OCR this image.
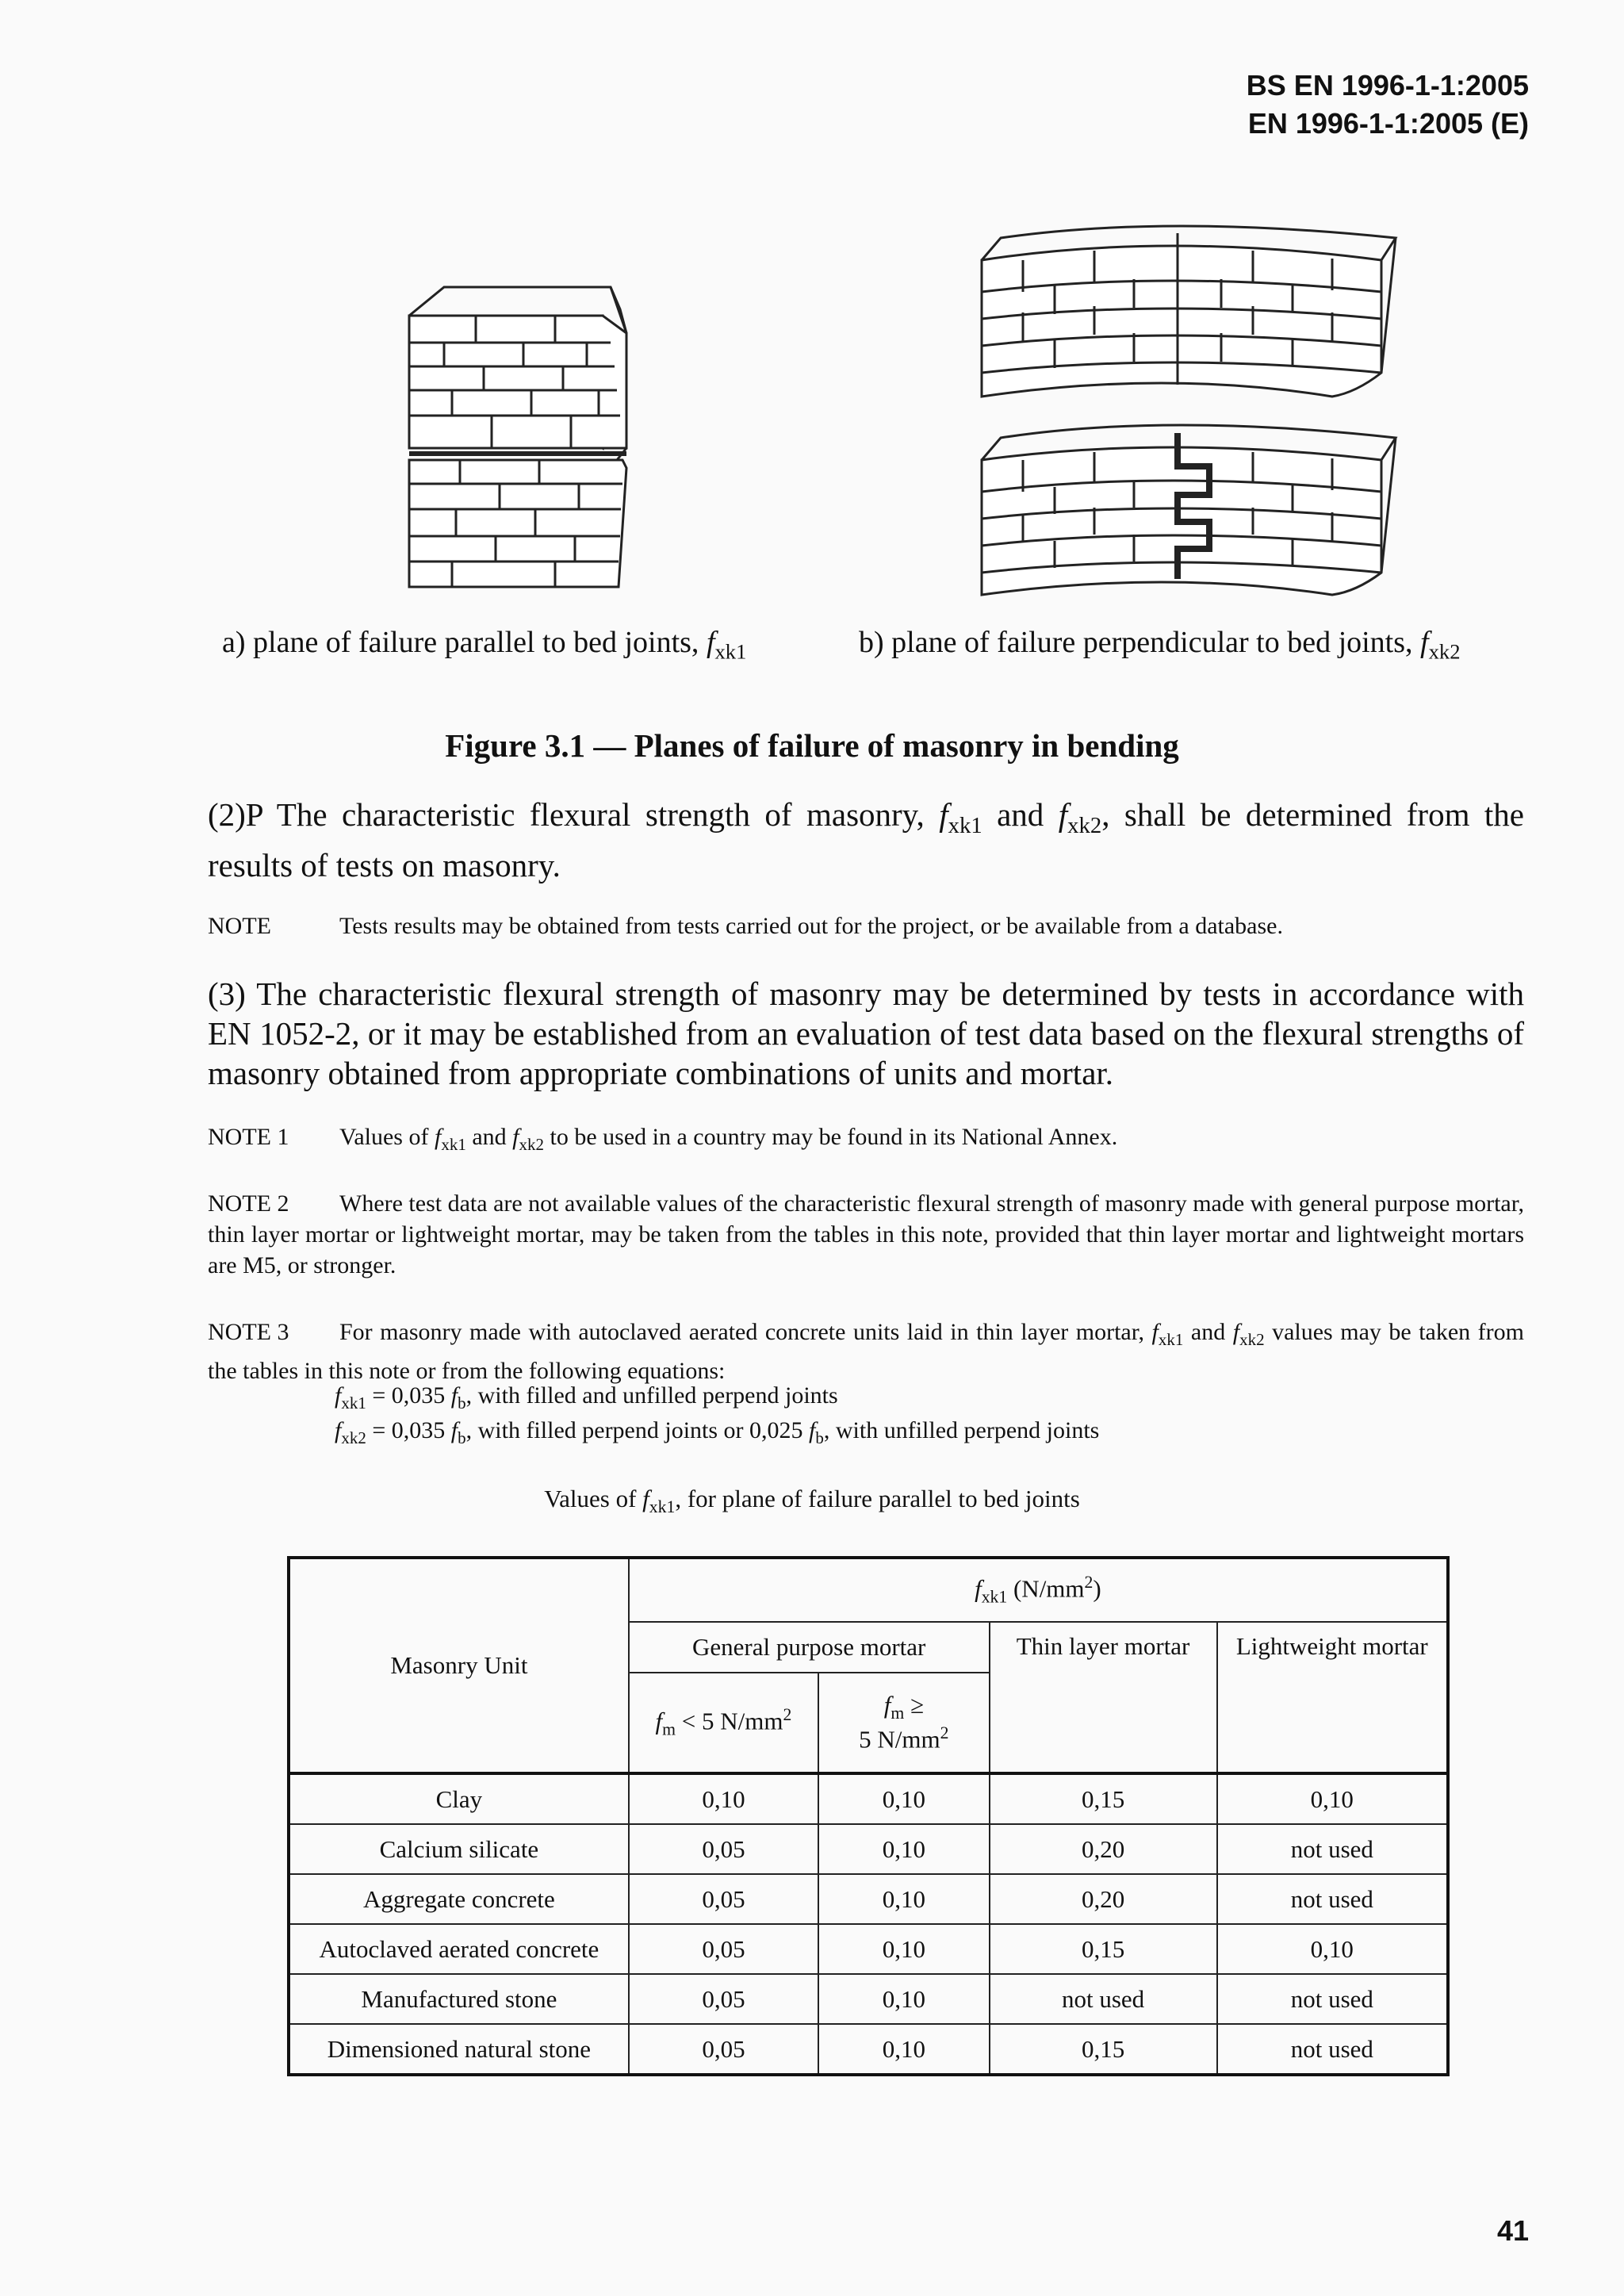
BS EN 1996-1-1:2005
EN 1996-1-1:2005 (E)
a) plane of failure parallel to bed joints, $f_{xk1}$	b) plane of failure perpendicular to bed joints, $f_{xk2}$
Figure 3.1 — Planes of failure of masonry in bending
(2)P The characteristic flexural strength of masonry, $f_{xk1}$ and $f_{xk2}$, shall be determined from the results of tests on masonry.
NOTE	Tests results may be obtained from tests carried out for the project, or be available from a database.
(3) The characteristic flexural strength of masonry may be determined by tests in accordance with EN 1052-2, or it may be established from an evaluation of test data based on the flexural strengths of masonry obtained from appropriate combinations of units and mortar.
NOTE 1 Values of $f_{xk1}$ and $f_{xk2}$ to be used in a country may be found in its National Annex.
NOTE 2 Where test data are not available values of the characteristic flexural strength of masonry made with general purpose mortar, thin layer mortar or lightweight mortar, may be taken from the tables in this note, provided that thin layer mortar and lightweight mortars are M5, or stronger.
NOTE 3 For masonry made with autoclaved aerated concrete units laid in thin layer mortar, $f_{xk1}$ and $f_{xk2}$ values may be taken from the tables in this note or from the following equations:
$f_{xk1} = 0,035$ $f_b$, with filled and unfilled perpend joints
$f_{xk2} = 0,035$ $f_b$, with filled perpend joints or 0,025 $f_b$, with unfilled perpend joints
Values of $f_{xk1}$, for plane of failure parallel to bed joints
Masonry Unit	$f_{xk1}$ $(N/mm^2)$			
	General purpose mortar		Thin layer mortar	Lightweight mortar
	$f_m < 5$ $N/mm^2$	$f_m$ ≥
5 $N/mm^2$

Clay	0,10	0,10	0,15	0,10
Calcium silicate	0,05	0,10	0,20	not used
Aggregate concrete	0,05	0,10	0,20	not used
Autoclaved aerated concrete	0,05	0,10	0,15	0,10
Manufactured stone	0,05	0,10	not used	not used
Dimensioned natural stone	0,05	0,10	0,15	not used
41
